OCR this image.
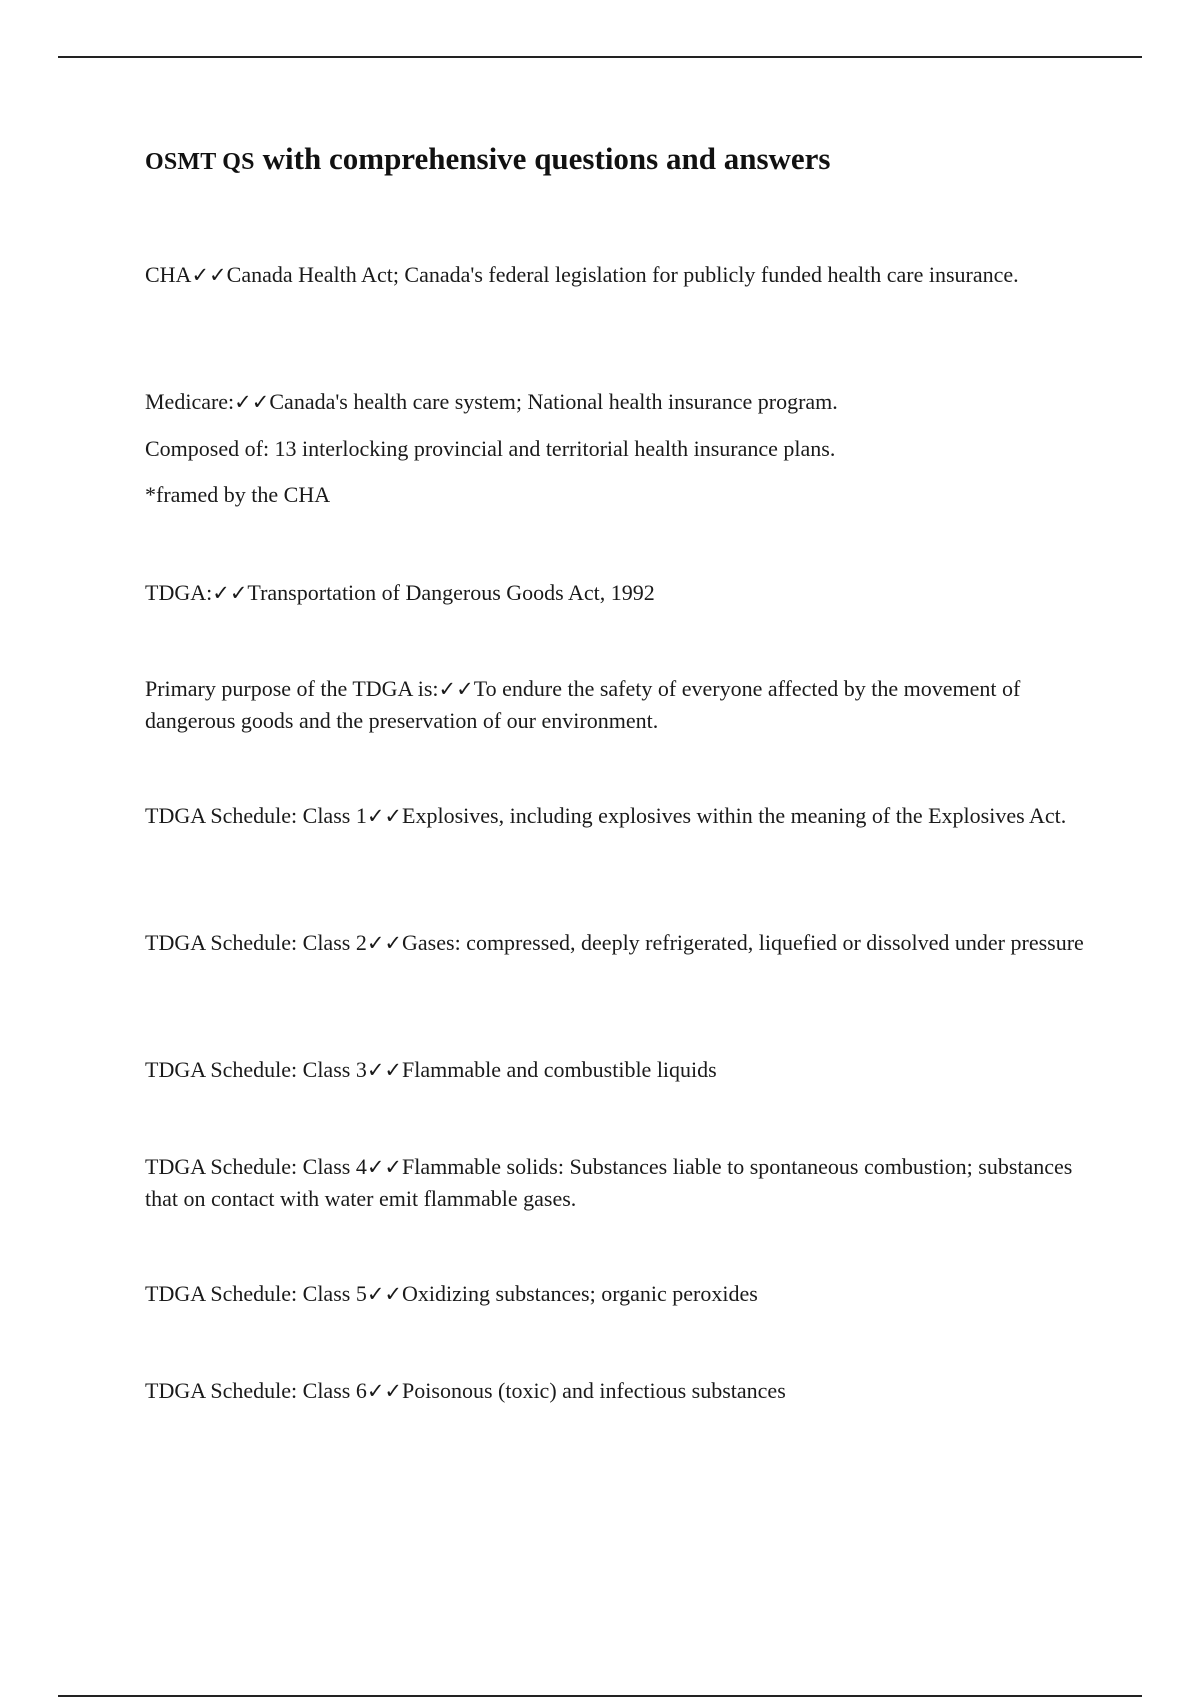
OSMT QS with comprehensive questions and answers

CHA✓✓Canada Health Act; Canada's federal legislation for publicly funded health care insurance.

Medicare:✓✓Canada's health care system; National health insurance program.

Composed of: 13 interlocking provincial and territorial health insurance plans.

*framed by the CHA

TDGA:✓✓Transportation of Dangerous Goods Act, 1992

Primary purpose of the TDGA is:✓✓To endure the safety of everyone affected by the movement of dangerous goods and the preservation of our environment.

TDGA Schedule: Class 1✓✓Explosives, including explosives within the meaning of the Explosives Act.

TDGA Schedule: Class 2✓✓Gases: compressed, deeply refrigerated, liquefied or dissolved under pressure

TDGA Schedule: Class 3✓✓Flammable and combustible liquids

TDGA Schedule: Class 4✓✓Flammable solids: Substances liable to spontaneous combustion; substances that on contact with water emit flammable gases.

TDGA Schedule: Class 5✓✓Oxidizing substances; organic peroxides

TDGA Schedule: Class 6✓✓Poisonous (toxic) and infectious substances
